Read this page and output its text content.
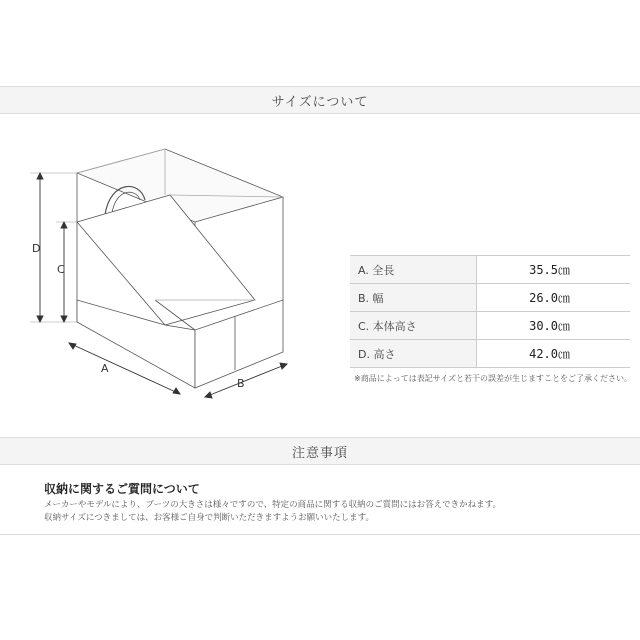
サイズについて
D
C
A
B
A. 全長	35.5㎝
B. 幅	26.0㎝
C. 本体高さ	30.0㎝
D. 高さ	42.0㎝
※商品によっては表記サイズと若干の誤差が生じますことをご了承ください。
注意事項
収納に関するご質問について
メーカーやモデルにより、ブーツの大きさは様々ですので、特定の商品に関する収納のご質問にはお答えできかねます。
収納サイズにつきましては、お客様ご自身で判断いただきますようお願いいたします。
